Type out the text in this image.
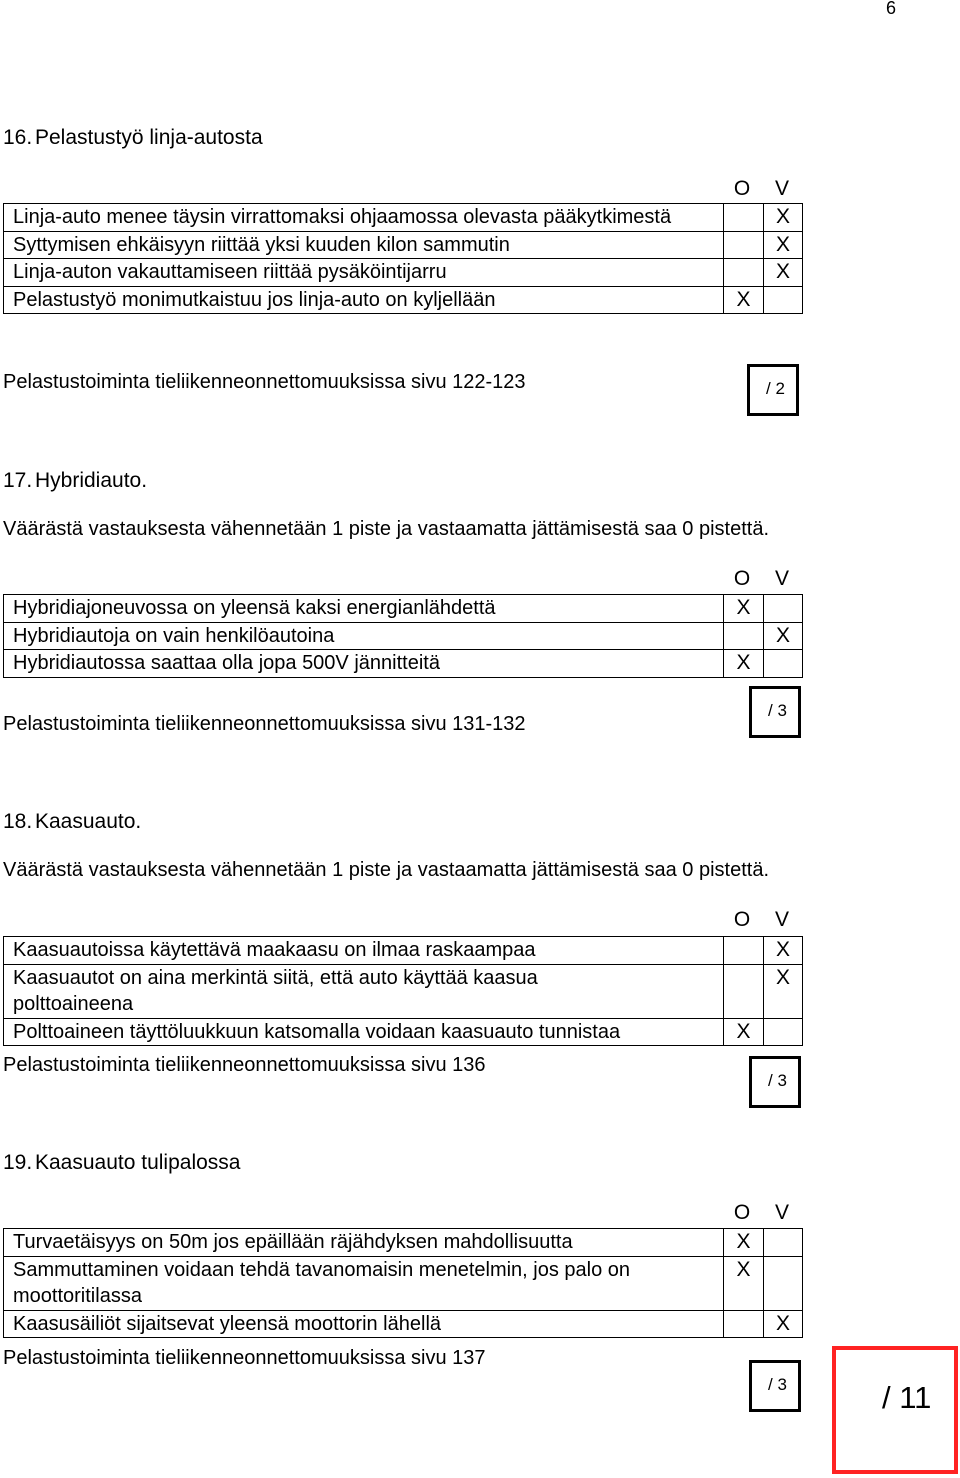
6
16. Pelastustyö linja-autosta
O	V
Linja-auto menee täysin virrattomaksi ohjaamossa olevasta pääkytkimestä		X
Syttymisen ehkäisyyn riittää yksi kuuden kilon sammutin		X
Linja-auton vakauttamiseen riittää pysäköintijarru		X
Pelastustyö monimutkaistuu jos linja-auto on kyljellään	X	
Pelastustoiminta tieliikenneonnettomuuksissa sivu 122-123	/ 2
17. Hybridiauto.
Väärästä vastauksesta vähennetään 1 piste ja vastaamatta jättämisestä saa 0 pistettä.
O	V
Hybridiajoneuvossa on yleensä kaksi energianlähdettä	X	
Hybridiautoja on vain henkilöautoina		X
Hybridiautossa saattaa olla jopa 500V jännitteitä	X	
Pelastustoiminta tieliikenneonnettomuuksissa sivu 131-132
/ 3
18. Kaasuauto.
Väärästä vastauksesta vähennetään 1 piste ja vastaamatta jättämisestä saa 0 pistettä.
O	V
Kaasuautoissa käytettävä maakaasu on ilmaa raskaampaa		X
Kaasuautot on aina merkintä siitä, että auto käyttää kaasua polttoaineena		X
Polttoaineen täyttöluukkuun katsomalla voidaan kaasuauto tunnistaa	X	
Pelastustoiminta tieliikenneonnettomuuksissa sivu 136
/ 3
19. Kaasuauto tulipalossa
O	V
Turvaetäisyys on 50m jos epäillään räjähdyksen mahdollisuutta	X	
Sammuttaminen voidaan tehdä tavanomaisin menetelmin, jos palo on moottoritilassa	X	
Kaasusäiliöt sijaitsevat yleensä moottorin lähellä		X
Pelastustoiminta tieliikenneonnettomuuksissa sivu 137
/ 3	/ 11
